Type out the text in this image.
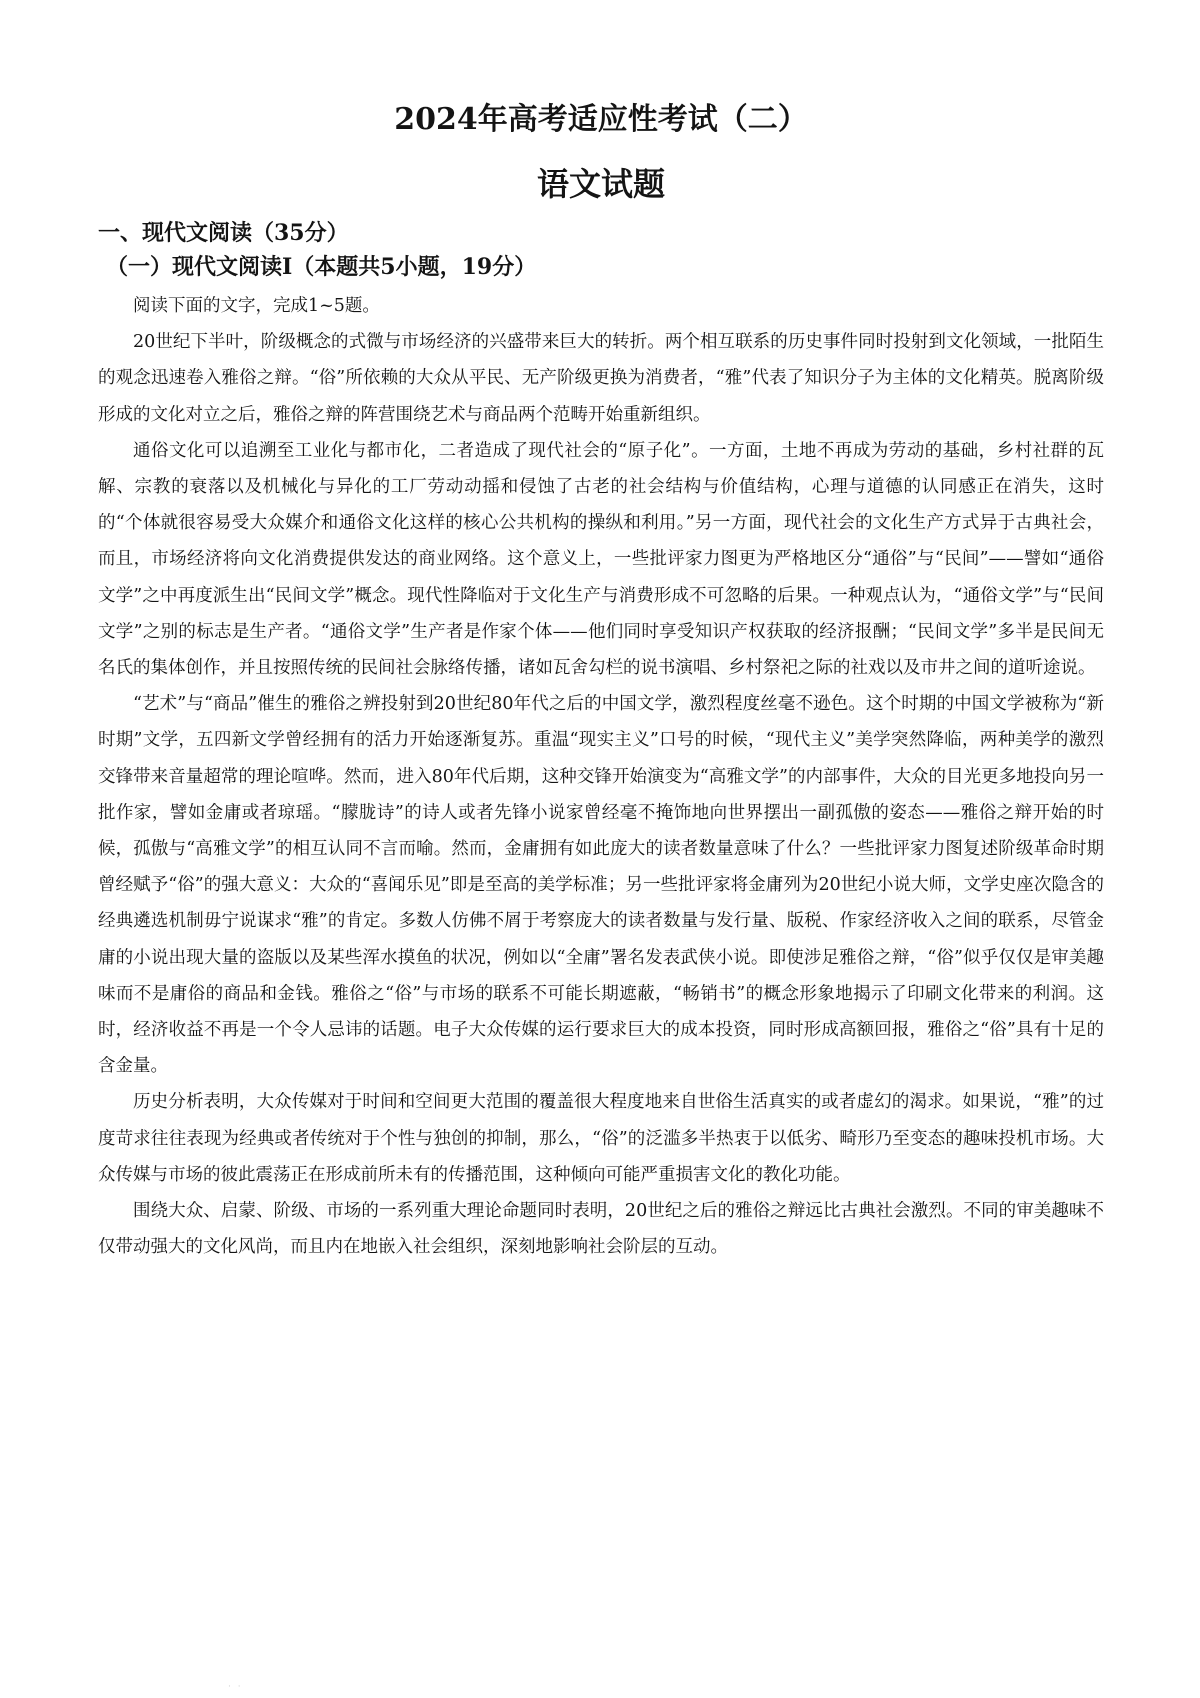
2024年高考适应性考试（二）
语文试题
一、现代文阅读（35分）
（一）现代文阅读I（本题共5小题，19分）

阅读下面的文字，完成1~5题。

20世纪下半叶，阶级概念的式微与市场经济的兴盛带来巨大的转折。两个相互联系的历史事件同时投射到文化领域，一批陌生的观念迅速卷入雅俗之辩。“俗”所依赖的大众从平民、无产阶级更换为消费者，“雅”代表了知识分子为主体的文化精英。脱离阶级形成的文化对立之后，雅俗之辩的阵营围绕艺术与商品两个范畴开始重新组织。

通俗文化可以追溯至工业化与都市化，二者造成了现代社会的“原子化”。一方面，土地不再成为劳动的基础，乡村社群的瓦解、宗教的衰落以及机械化与异化的工厂劳动动摇和侵蚀了古老的社会结构与价值结构，心理与道德的认同感正在消失，这时的“个体就很容易受大众媒介和通俗文化这样的核心公共机构的操纵和利用。”另一方面，现代社会的文化生产方式异于古典社会，而且，市场经济将向文化消费提供发达的商业网络。这个意义上，一些批评家力图更为严格地区分“通俗”与“民间”——譬如“通俗文学”之中再度派生出“民间文学”概念。现代性降临对于文化生产与消费形成不可忽略的后果。一种观点认为，“通俗文学”与“民间文学”之别的标志是生产者。“通俗文学”生产者是作家个体——他们同时享受知识产权获取的经济报酬；“民间文学”多半是民间无名氏的集体创作，并且按照传统的民间社会脉络传播，诸如瓦舍勾栏的说书演唱、乡村祭祀之际的社戏以及市井之间的道听途说。

“艺术”与“商品”催生的雅俗之辨投射到20世纪80年代之后的中国文学，激烈程度丝毫不逊色。这个时期的中国文学被称为“新时期”文学，五四新文学曾经拥有的活力开始逐渐复苏。重温“现实主义”口号的时候，“现代主义”美学突然降临，两种美学的激烈交锋带来音量超常的理论喧哗。然而，进入80年代后期，这种交锋开始演变为“高雅文学”的内部事件，大众的目光更多地投向另一批作家，譬如金庸或者琼瑶。“朦胧诗”的诗人或者先锋小说家曾经毫不掩饰地向世界摆出一副孤傲的姿态——雅俗之辩开始的时候，孤傲与“高雅文学”的相互认同不言而喻。然而，金庸拥有如此庞大的读者数量意味了什么？一些批评家力图复述阶级革命时期曾经赋予“俗”的强大意义：大众的“喜闻乐见”即是至高的美学标准；另一些批评家将金庸列为20世纪小说大师，文学史座次隐含的经典遴选机制毋宁说谋求“雅”的肯定。多数人仿佛不屑于考察庞大的读者数量与发行量、版税、作家经济收入之间的联系，尽管金庸的小说出现大量的盗版以及某些浑水摸鱼的状况，例如以“全庸”署名发表武侠小说。即使涉足雅俗之辩，“俗”似乎仅仅是审美趣味而不是庸俗的商品和金钱。雅俗之“俗”与市场的联系不可能长期遮蔽，“畅销书”的概念形象地揭示了印刷文化带来的利润。这时，经济收益不再是一个令人忌讳的话题。电子大众传媒的运行要求巨大的成本投资，同时形成高额回报，雅俗之“俗”具有十足的含金量。

历史分析表明，大众传媒对于时间和空间更大范围的覆盖很大程度地来自世俗生活真实的或者虚幻的渴求。如果说，“雅”的过度苛求往往表现为经典或者传统对于个性与独创的抑制，那么，“俗”的泛滥多半热衷于以低劣、畸形乃至变态的趣味投机市场。大众传媒与市场的彼此震荡正在形成前所未有的传播范围，这种倾向可能严重损害文化的教化功能。

围绕大众、启蒙、阶级、市场的一系列重大理论命题同时表明，20世纪之后的雅俗之辩远比古典社会激烈。不同的审美趣味不仅带动强大的文化风尚，而且内在地嵌入社会组织，深刻地影响社会阶层的互动。

· ·
